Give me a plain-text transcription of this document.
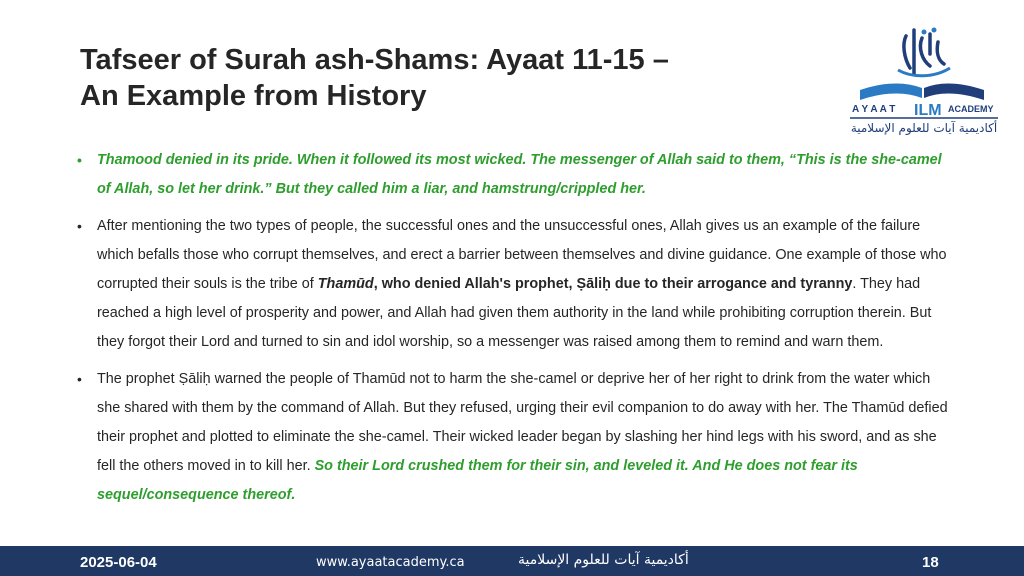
Tafseer of Surah ash-Shams: Ayaat 11-15 –
An Example from History	A Y A A T ILM ACADEMY
أكاديمية آيات للعلوم الإسلامية
• Thamood denied in its pride. When it followed its most wicked. The messenger of Allah said to them, “This is the she-camel of Allah, so let her drink.” But they called him a liar, and hamstrung/crippled her.
• After mentioning the two types of people, the successful ones and the unsuccessful ones, Allah gives us an example of the failure which befalls those who corrupt themselves, and erect a barrier between themselves and divine guidance. One example of those who corrupted their souls is the tribe of Thamūd, who denied Allah's prophet, Ṣāliḥ due to their arrogance and tyranny. They had reached a high level of prosperity and power, and Allah had given them authority in the land while prohibiting corruption therein. But they forgot their Lord and turned to sin and idol worship, so a messenger was raised among them to remind and warn them.
• The prophet Ṣāliḥ warned the people of Thamūd not to harm the she-camel or deprive her of her right to drink from the water which she shared with them by the command of Allah. But they refused, urging their evil companion to do away with her. The Thamūd defied their prophet and plotted to eliminate the she-camel. Their wicked leader began by slashing her hind legs with his sword, and as she fell the others moved in to kill her. So their Lord crushed them for their sin, and leveled it. And He does not fear its sequel/consequence thereof.
2025-06-04	www.ayaatacademy.ca	أكاديمية آيات للعلوم الإسلامية	18
